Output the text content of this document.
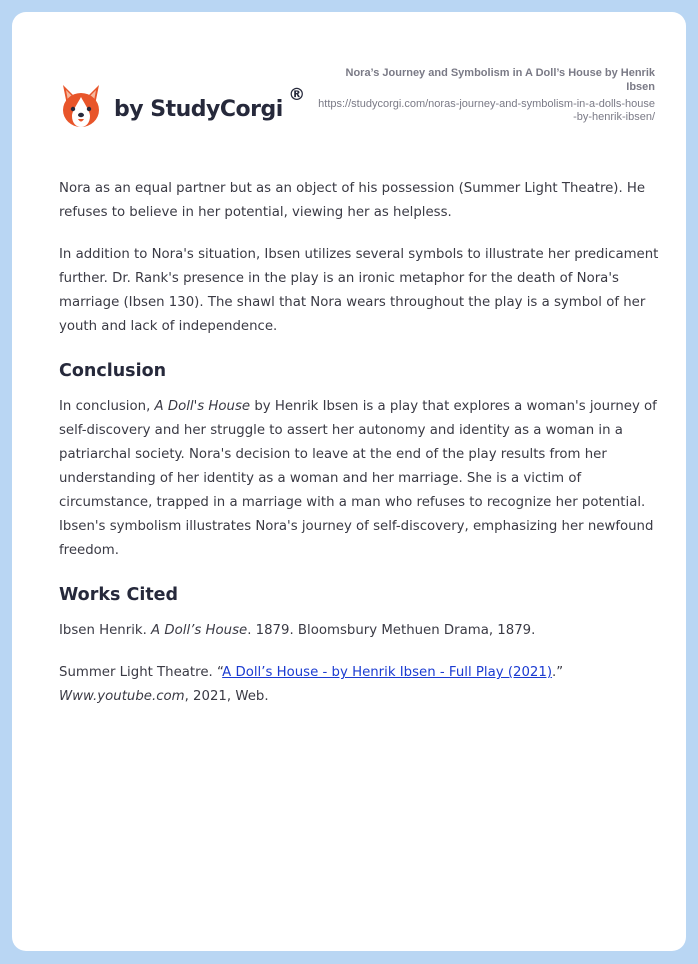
by StudyCorgi
®
Nora’s Journey and Symbolism in A Doll’s House by Henrik Ibsen
https://studycorgi.com/noras-journey-and-symbolism-in-a-dolls-house-by-henrik-ibsen/

Nora as an equal partner but as an object of his possession (Summer Light Theatre). He refuses to believe in her potential, viewing her as helpless.

In addition to Nora's situation, Ibsen utilizes several symbols to illustrate her predicament further. Dr. Rank's presence in the play is an ironic metaphor for the death of Nora's marriage (Ibsen 130). The shawl that Nora wears throughout the play is a symbol of her youth and lack of independence.

Conclusion

In conclusion, A Doll's House by Henrik Ibsen is a play that explores a woman's journey of self-discovery and her struggle to assert her autonomy and identity as a woman in a patriarchal society. Nora's decision to leave at the end of the play results from her understanding of her identity as a woman and her marriage. She is a victim of circumstance, trapped in a marriage with a man who refuses to recognize her potential. Ibsen's symbolism illustrates Nora's journey of self-discovery, emphasizing her newfound freedom.

Works Cited

Ibsen Henrik. A Doll’s House. 1879. Bloomsbury Methuen Drama, 1879.

Summer Light Theatre. “A Doll’s House - by Henrik Ibsen - Full Play (2021).”
Www.youtube.com, 2021, Web.
